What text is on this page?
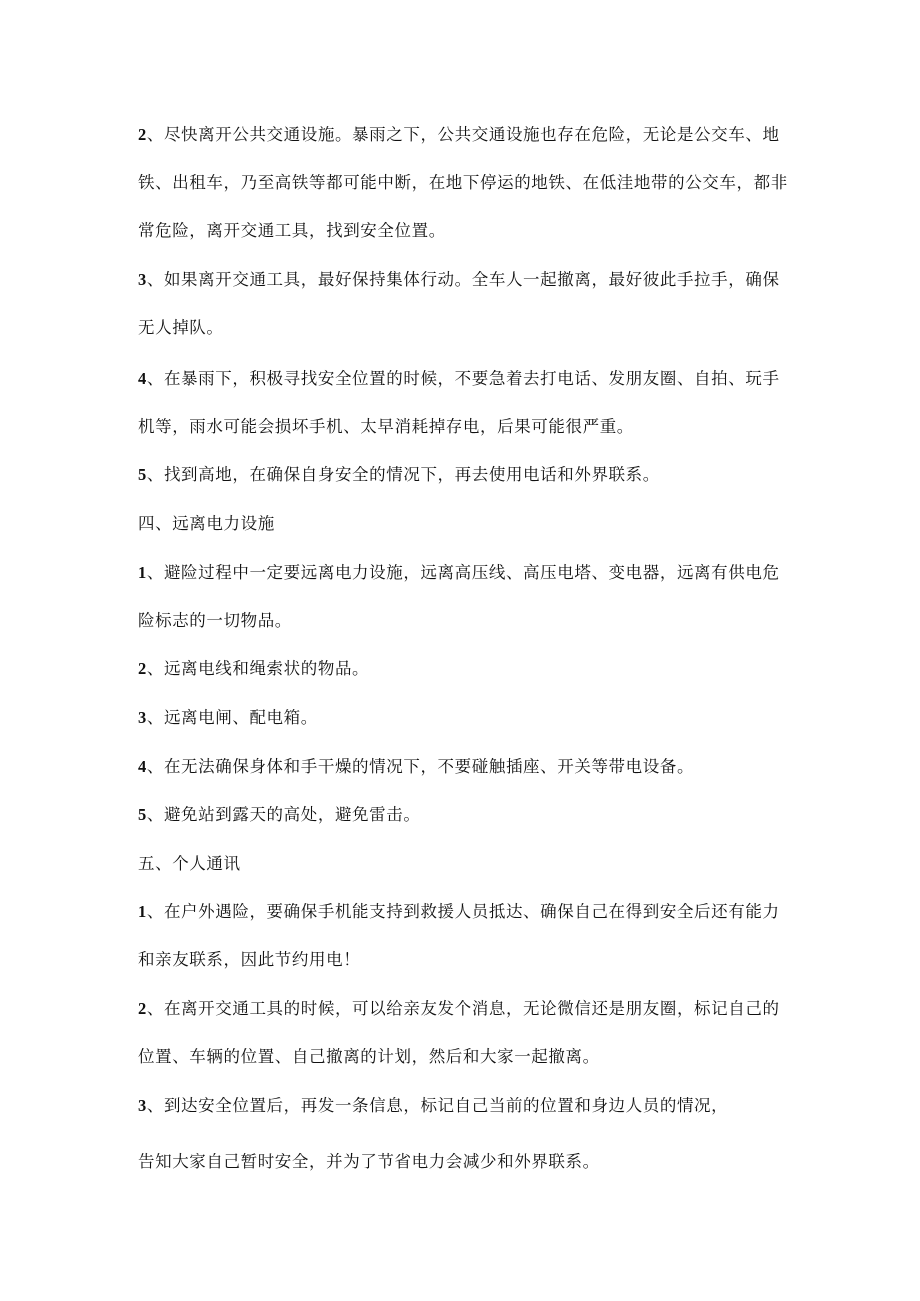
2、尽快离开公共交通设施。暴雨之下，公共交通设施也存在危险，无论是公交车、地铁、出租车，乃至高铁等都可能中断，在地下停运的地铁、在低洼地带的公交车，都非常危险，离开交通工具，找到安全位置。

3、如果离开交通工具，最好保持集体行动。全车人一起撤离，最好彼此手拉手，确保无人掉队。

4、在暴雨下，积极寻找安全位置的时候，不要急着去打电话、发朋友圈、自拍、玩手机等，雨水可能会损坏手机、太早消耗掉存电，后果可能很严重。

5、找到高地，在确保自身安全的情况下，再去使用电话和外界联系。

四、远离电力设施

1、避险过程中一定要远离电力设施，远离高压线、高压电塔、变电器，远离有供电危险标志的一切物品。

2、远离电线和绳索状的物品。

3、远离电闸、配电箱。

4、在无法确保身体和手干燥的情况下，不要碰触插座、开关等带电设备。

5、避免站到露天的高处，避免雷击。

五、个人通讯

1、在户外遇险，要确保手机能支持到救援人员抵达、确保自己在得到安全后还有能力和亲友联系，因此节约用电！

2、在离开交通工具的时候，可以给亲友发个消息，无论微信还是朋友圈，标记自己的位置、车辆的位置、自己撤离的计划，然后和大家一起撤离。

3、到达安全位置后，再发一条信息，标记自己当前的位置和身边人员的情况，

告知大家自己暂时安全，并为了节省电力会减少和外界联系。
